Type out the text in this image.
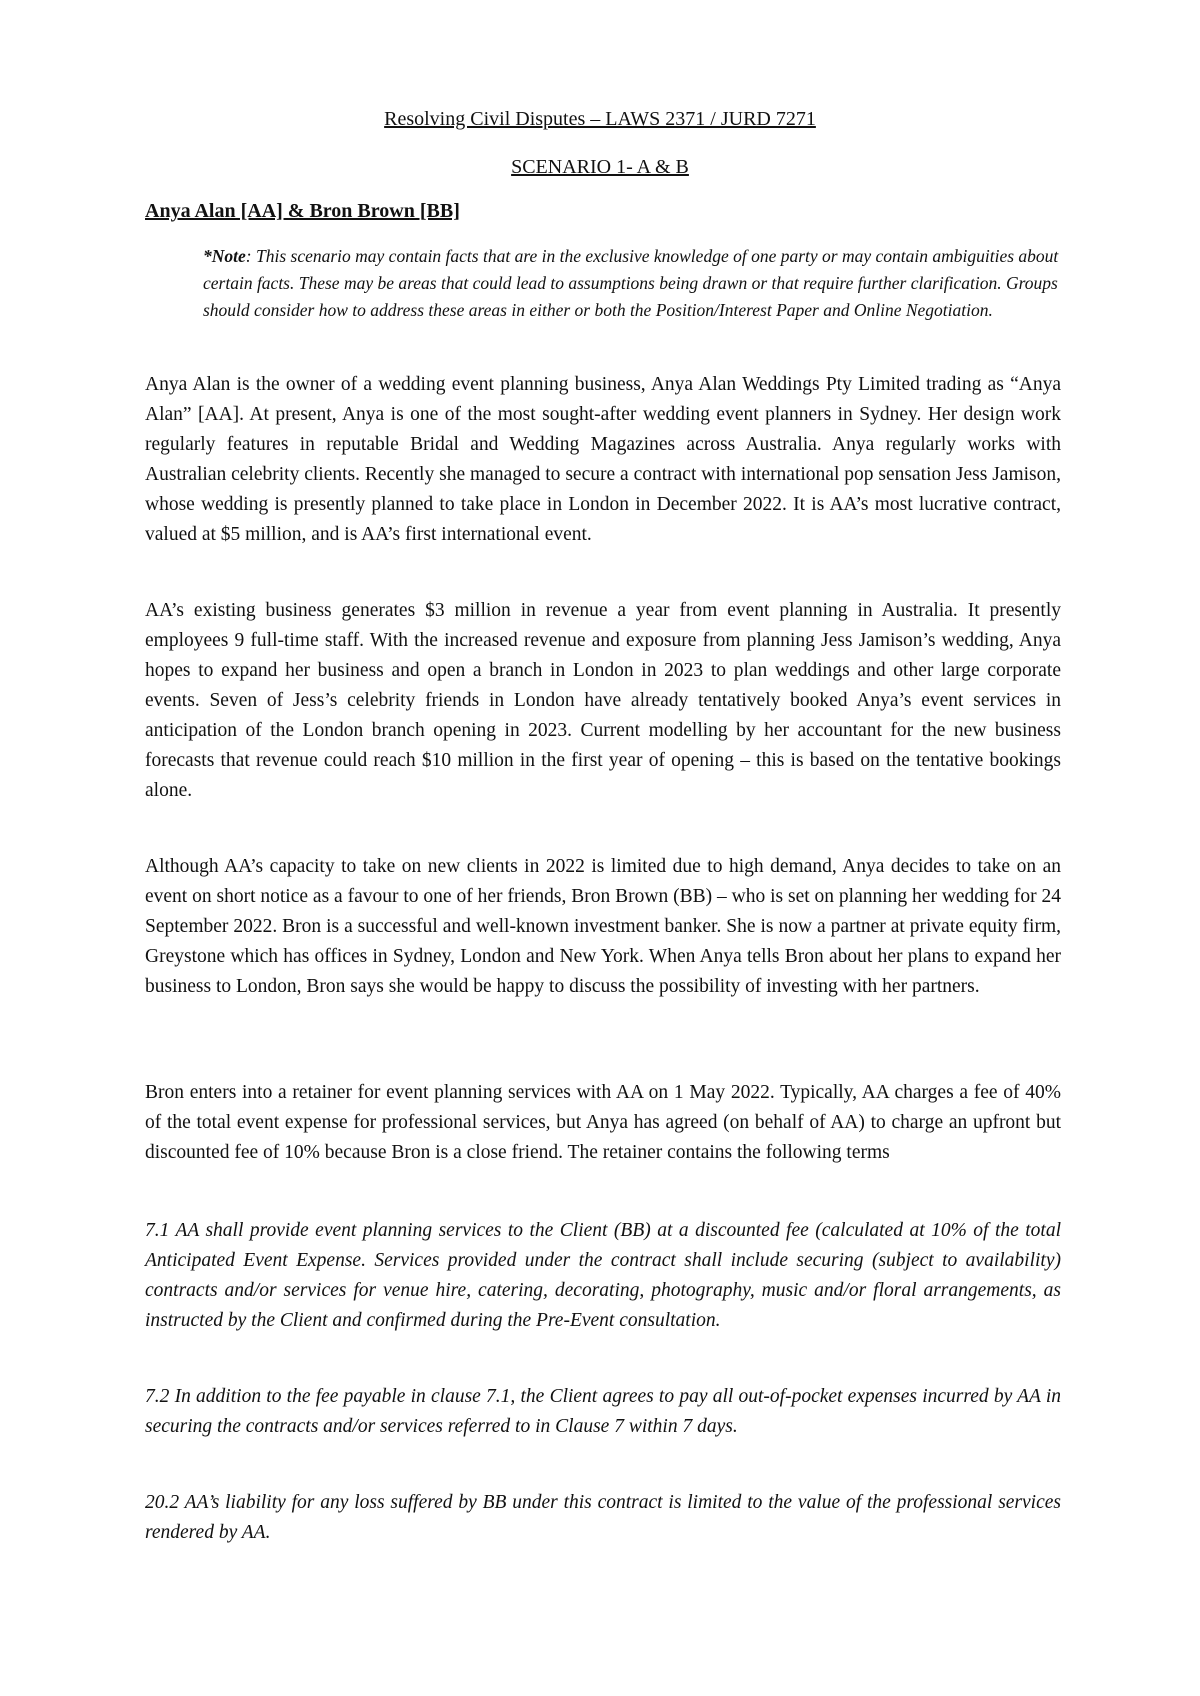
Resolving Civil Disputes – LAWS 2371 / JURD 7271

SCENARIO 1- A & B

Anya Alan [AA] & Bron Brown [BB]

*Note: This scenario may contain facts that are in the exclusive knowledge of one party or may contain ambiguities about certain facts. These may be areas that could lead to assumptions being drawn or that require further clarification. Groups should consider how to address these areas in either or both the Position/Interest Paper and Online Negotiation.

Anya Alan is the owner of a wedding event planning business, Anya Alan Weddings Pty Limited trading as “Anya Alan” [AA]. At present, Anya is one of the most sought-after wedding event planners in Sydney. Her design work regularly features in reputable Bridal and Wedding Magazines across Australia. Anya regularly works with Australian celebrity clients. Recently she managed to secure a contract with international pop sensation Jess Jamison, whose wedding is presently planned to take place in London in December 2022. It is AA’s most lucrative contract, valued at $5 million, and is AA’s first international event.

AA’s existing business generates $3 million in revenue a year from event planning in Australia. It presently employees 9 full-time staff. With the increased revenue and exposure from planning Jess Jamison’s wedding, Anya hopes to expand her business and open a branch in London in 2023 to plan weddings and other large corporate events. Seven of Jess’s celebrity friends in London have already tentatively booked Anya’s event services in anticipation of the London branch opening in 2023. Current modelling by her accountant for the new business forecasts that revenue could reach $10 million in the first year of opening – this is based on the tentative bookings alone.

Although AA’s capacity to take on new clients in 2022 is limited due to high demand, Anya decides to take on an event on short notice as a favour to one of her friends, Bron Brown (BB) – who is set on planning her wedding for 24 September 2022. Bron is a successful and well-known investment banker. She is now a partner at private equity firm, Greystone which has offices in Sydney, London and New York. When Anya tells Bron about her plans to expand her business to London, Bron says she would be happy to discuss the possibility of investing with her partners.

Bron enters into a retainer for event planning services with AA on 1 May 2022. Typically, AA charges a fee of 40% of the total event expense for professional services, but Anya has agreed (on behalf of AA) to charge an upfront but discounted fee of 10% because Bron is a close friend. The retainer contains the following terms

7.1 AA shall provide event planning services to the Client (BB) at a discounted fee (calculated at 10% of the total Anticipated Event Expense. Services provided under the contract shall include securing (subject to availability) contracts and/or services for venue hire, catering, decorating, photography, music and/or floral arrangements, as instructed by the Client and confirmed during the Pre-Event consultation.

7.2 In addition to the fee payable in clause 7.1, the Client agrees to pay all out-of-pocket expenses incurred by AA in securing the contracts and/or services referred to in Clause 7 within 7 days.

20.2 AA’s liability for any loss suffered by BB under this contract is limited to the value of the professional services rendered by AA.
